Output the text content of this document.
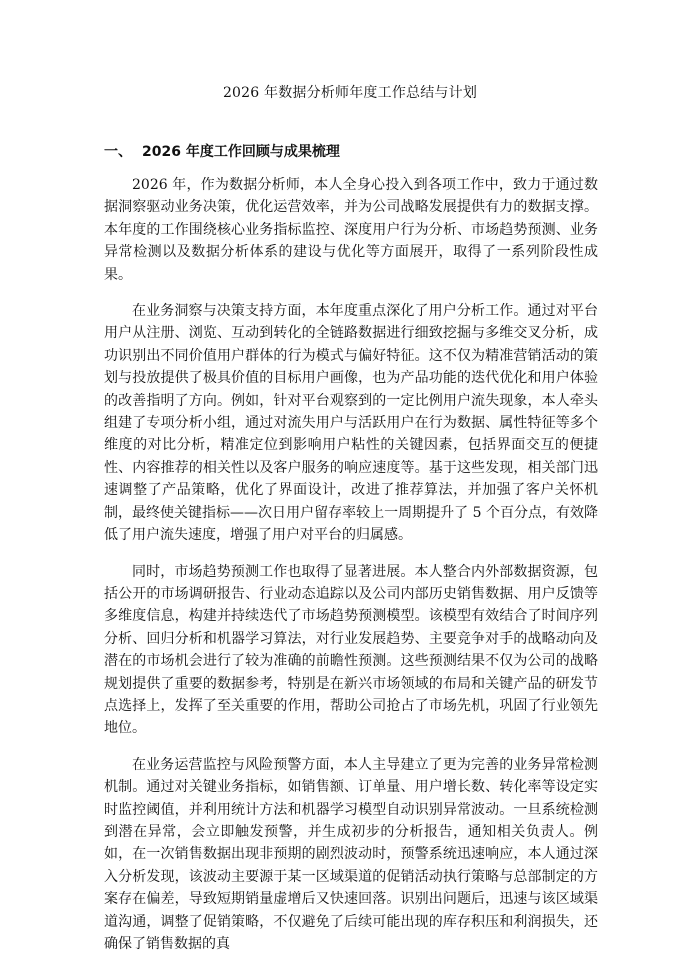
2026 年数据分析师年度工作总结与计划
一、 2026 年度工作回顾与成果梳理

2026 年，作为数据分析师，本人全身心投入到各项工作中，致力于通过数据洞察驱动业务决策，优化运营效率，并为公司战略发展提供有力的数据支撑。本年度的工作围绕核心业务指标监控、深度用户行为分析、市场趋势预测、业务异常检测以及数据分析体系的建设与优化等方面展开，取得了一系列阶段性成果。

在业务洞察与决策支持方面，本年度重点深化了用户分析工作。通过对平台用户从注册、浏览、互动到转化的全链路数据进行细致挖掘与多维交叉分析，成功识别出不同价值用户群体的行为模式与偏好特征。这不仅为精准营销活动的策划与投放提供了极具价值的目标用户画像，也为产品功能的迭代优化和用户体验的改善指明了方向。例如，针对平台观察到的一定比例用户流失现象，本人牵头组建了专项分析小组，通过对流失用户与活跃用户在行为数据、属性特征等多个维度的对比分析，精准定位到影响用户粘性的关键因素，包括界面交互的便捷性、内容推荐的相关性以及客户服务的响应速度等。基于这些发现，相关部门迅速调整了产品策略，优化了界面设计，改进了推荐算法，并加强了客户关怀机制，最终使关键指标——次日用户留存率较上一周期提升了 5 个百分点，有效降低了用户流失速度，增强了用户对平台的归属感。

同时，市场趋势预测工作也取得了显著进展。本人整合内外部数据资源，包括公开的市场调研报告、行业动态追踪以及公司内部历史销售数据、用户反馈等多维度信息，构建并持续迭代了市场趋势预测模型。该模型有效结合了时间序列分析、回归分析和机器学习算法，对行业发展趋势、主要竞争对手的战略动向及潜在的市场机会进行了较为准确的前瞻性预测。这些预测结果不仅为公司的战略规划提供了重要的数据参考，特别是在新兴市场领域的布局和关键产品的研发节点选择上，发挥了至关重要的作用，帮助公司抢占了市场先机，巩固了行业领先地位。

在业务运营监控与风险预警方面，本人主导建立了更为完善的业务异常检测机制。通过对关键业务指标，如销售额、订单量、用户增长数、转化率等设定实时监控阈值，并利用统计方法和机器学习模型自动识别异常波动。一旦系统检测到潜在异常，会立即触发预警，并生成初步的分析报告，通知相关负责人。例如，在一次销售数据出现非预期的剧烈波动时，预警系统迅速响应，本人通过深入分析发现，该波动主要源于某一区域渠道的促销活动执行策略与总部制定的方案存在偏差，导致短期销量虚增后又快速回落。识别出问题后，迅速与该区域渠道沟通，调整了促销策略，不仅避免了后续可能出现的库存积压和利润损失，还确保了销售数据的真
